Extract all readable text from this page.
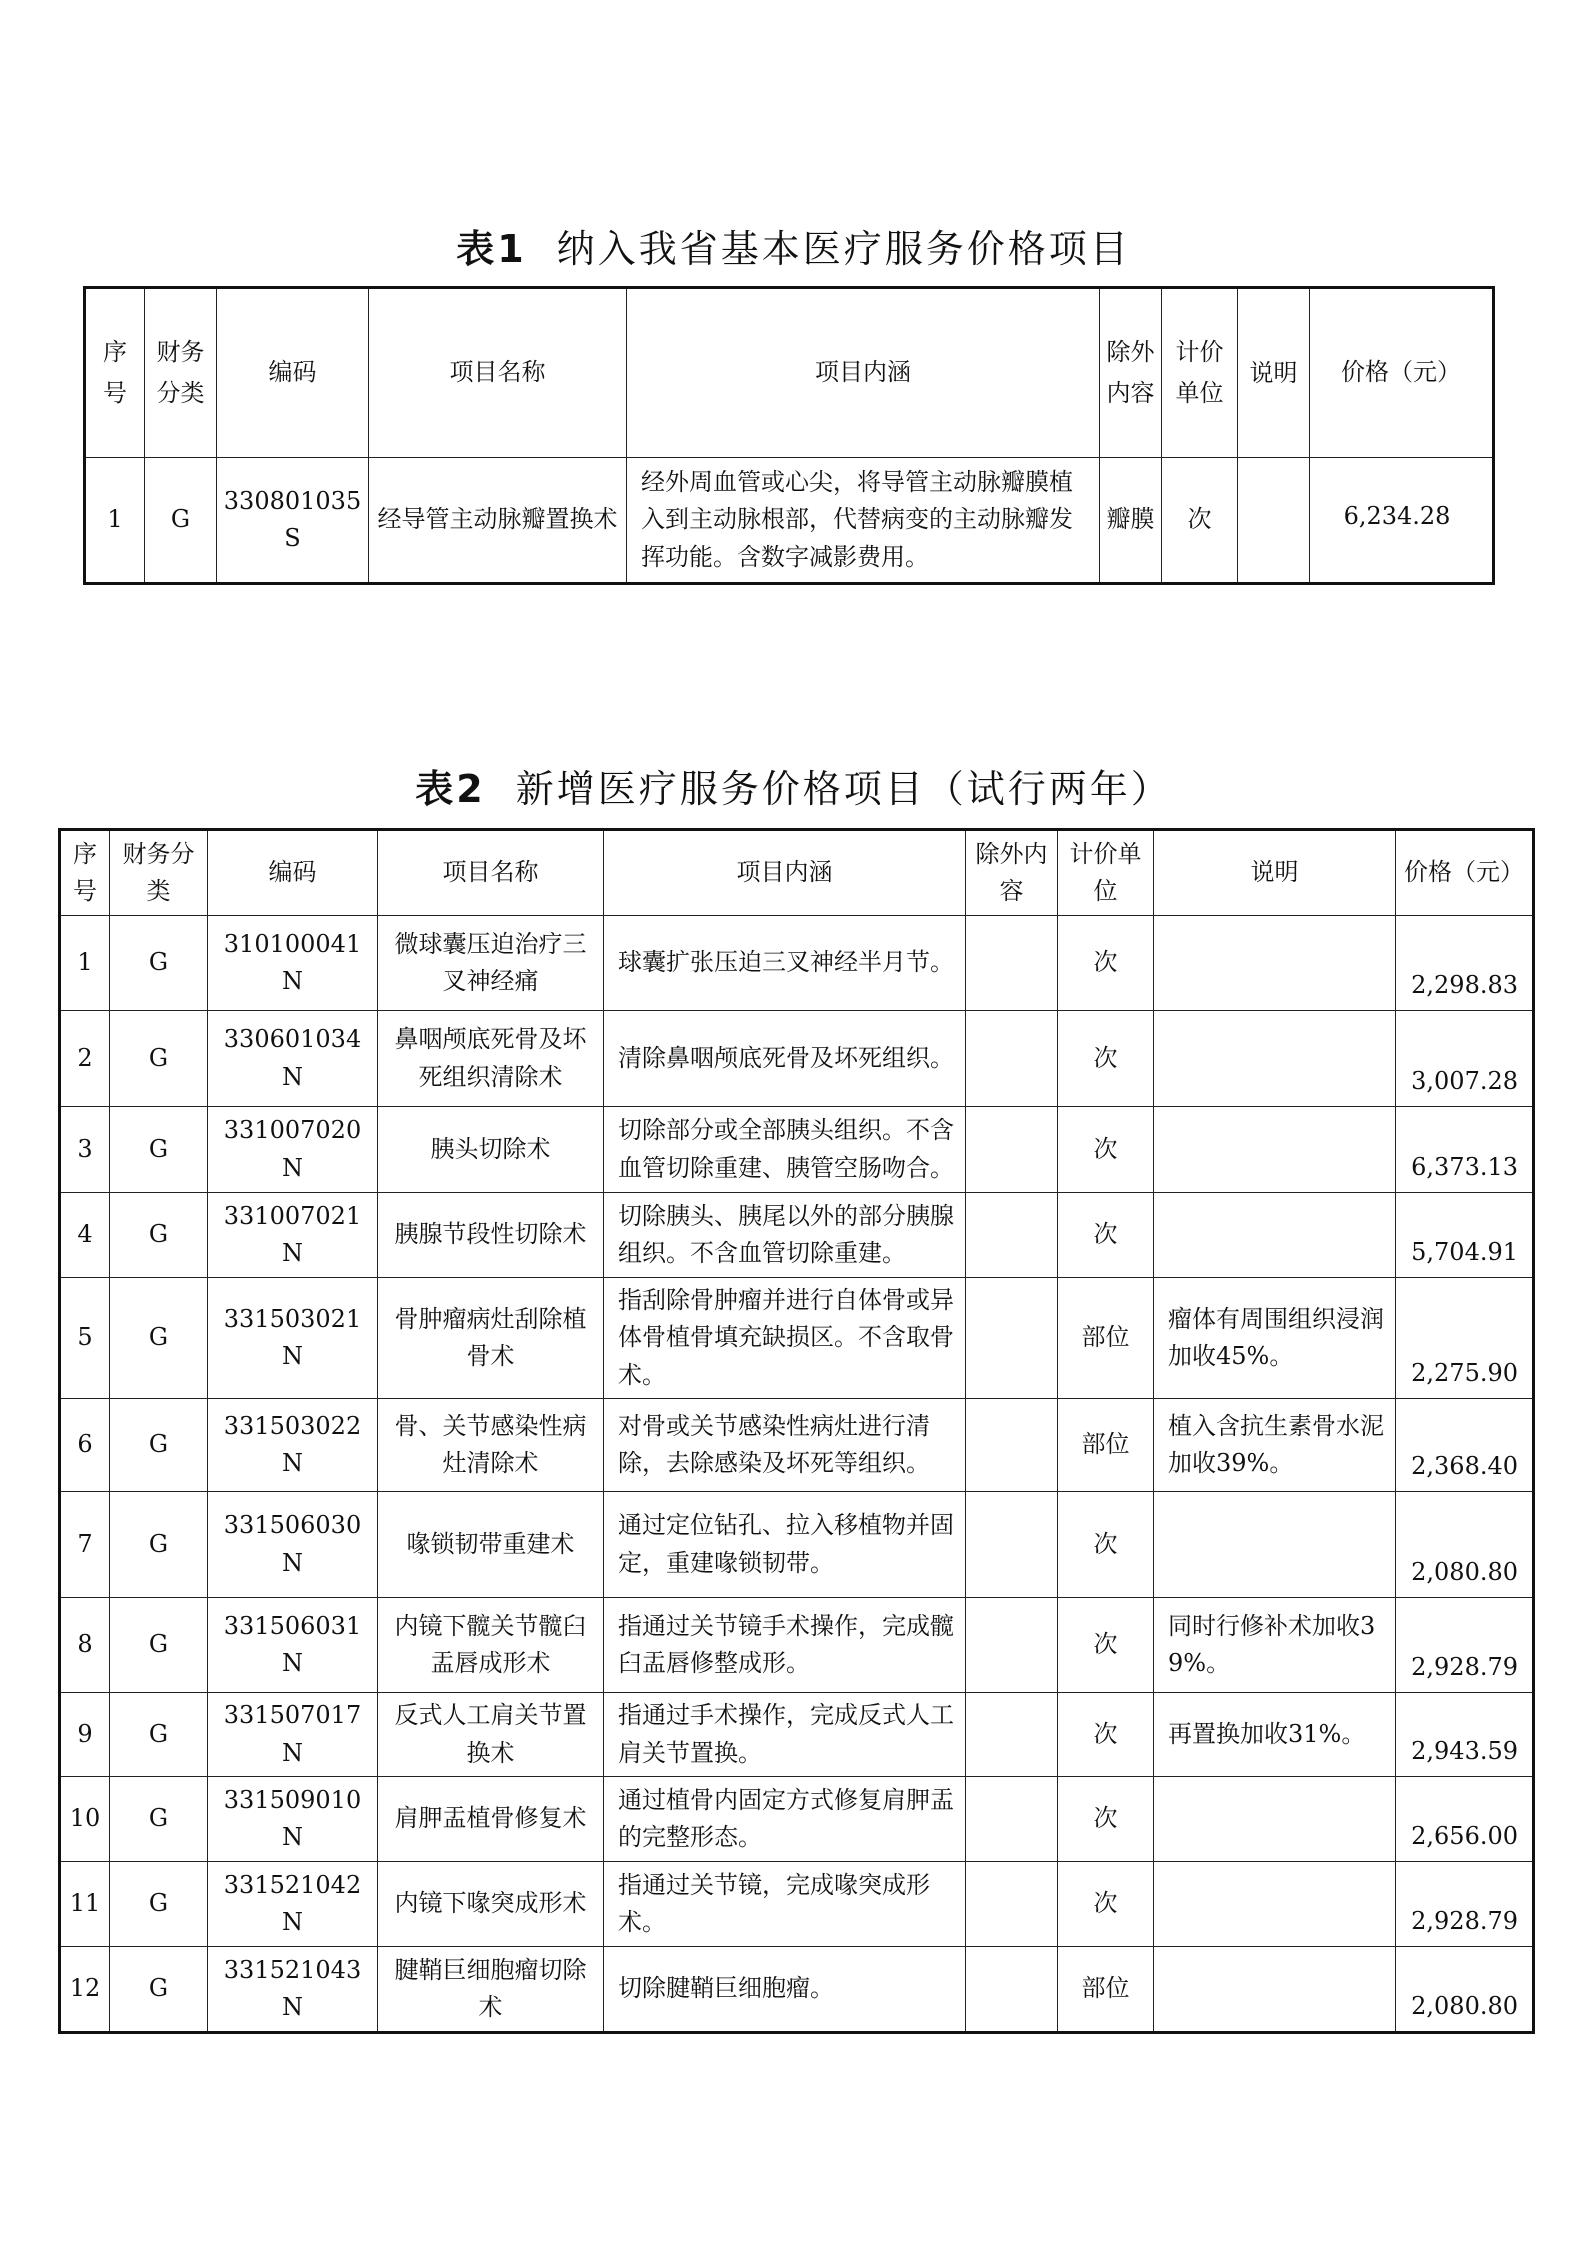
表1 纳入我省基本医疗服务价格项目
序号	财务分类	编码	项目名称	项目内涵	除外内容	计价单位	说明	价格（元）
1	G	330801035S	经导管主动脉瓣置换术	经外周血管或心尖，将导管主动脉瓣膜植入到主动脉根部，代替病变的主动脉瓣发挥功能。含数字减影费用。	瓣膜	次		6,234.28
表2 新增医疗服务价格项目（试行两年）
序号	财务分类	编码	项目名称	项目内涵	除外内容	计价单位	说明	价格（元）
1	G	310100041N	微球囊压迫治疗三叉神经痛	球囊扩张压迫三叉神经半月节。		次		2,298.83
2	G	330601034N	鼻咽颅底死骨及坏死组织清除术	清除鼻咽颅底死骨及坏死组织。		次		3,007.28
3	G	331007020N	胰头切除术	切除部分或全部胰头组织。不含血管切除重建、胰管空肠吻合。		次		6,373.13
4	G	331007021N	胰腺节段性切除术	切除胰头、胰尾以外的部分胰腺组织。不含血管切除重建。		次		5,704.91
5	G	331503021N	骨肿瘤病灶刮除植骨术	指刮除骨肿瘤并进行自体骨或异体骨植骨填充缺损区。不含取骨术。		部位	瘤体有周围组织浸润加收45%。	2,275.90
6	G	331503022N	骨、关节感染性病灶清除术	对骨或关节感染性病灶进行清除，去除感染及坏死等组织。		部位	植入含抗生素骨水泥加收39%。	2,368.40
7	G	331506030N	喙锁韧带重建术	通过定位钻孔、拉入移植物并固定，重建喙锁韧带。		次		2,080.80
8	G	331506031N	内镜下髋关节髋臼盂唇成形术	指通过关节镜手术操作，完成髋臼盂唇修整成形。		次	同时行修补术加收39%。	2,928.79
9	G	331507017N	反式人工肩关节置换术	指通过手术操作，完成反式人工肩关节置换。		次	再置换加收31%。	2,943.59
10	G	331509010N	肩胛盂植骨修复术	通过植骨内固定方式修复肩胛盂的完整形态。		次		2,656.00
11	G	331521042N	内镜下喙突成形术	指通过关节镜，完成喙突成形术。		次		2,928.79
12	G	331521043N	腱鞘巨细胞瘤切除术	切除腱鞘巨细胞瘤。		部位		2,080.80
